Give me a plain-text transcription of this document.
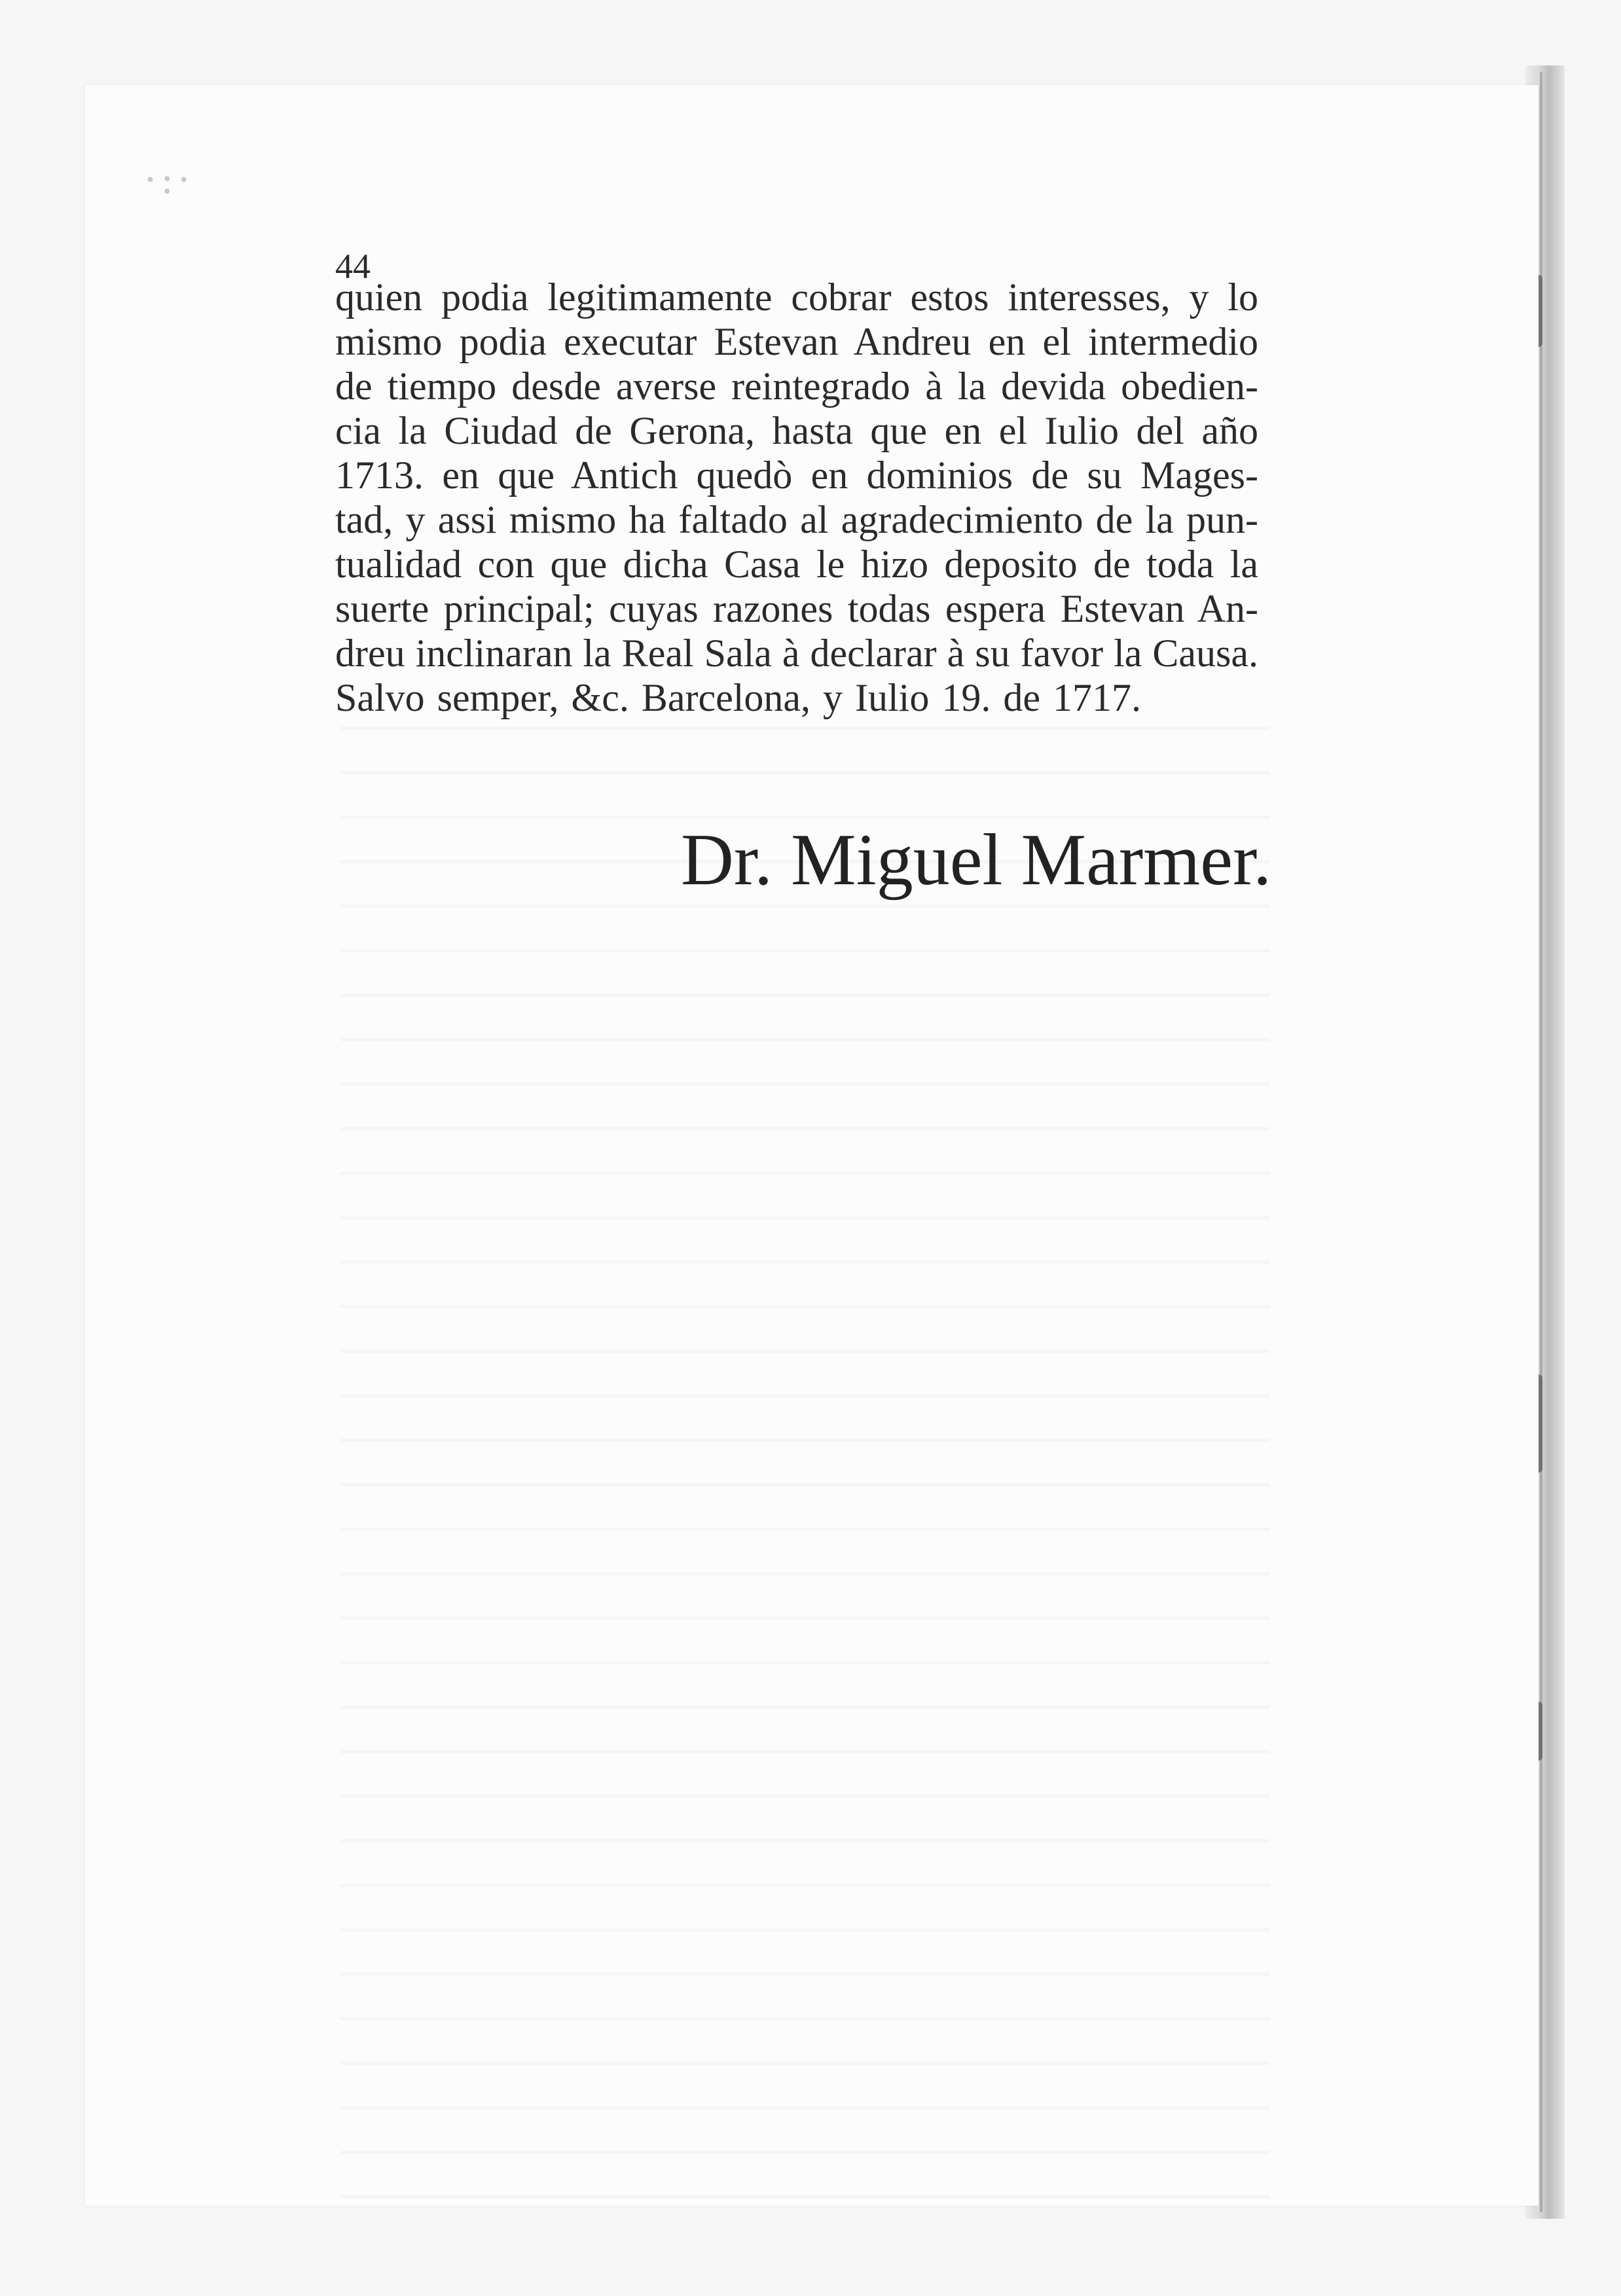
·:·
44
quien podia legitimamente cobrar estos interesses, y lo
mismo podia executar Estevan Andreu en el intermedio
de tiempo desde averse reintegrado à la devida obedien-
cia la Ciudad de Gerona, hasta que en el Iulio del año
1713. en que Antich quedò en dominios de su Mages-
tad, y assi mismo ha faltado al agradecimiento de la pun-
tualidad con que dicha Casa le hizo deposito de toda la
suerte principal; cuyas razones todas espera Estevan An-
dreu inclinaran la Real Sala à declarar à su favor la Causa.
Salvo semper, &c. Barcelona, y Iulio 19. de 1717.
Dr. Miguel Marmer.
